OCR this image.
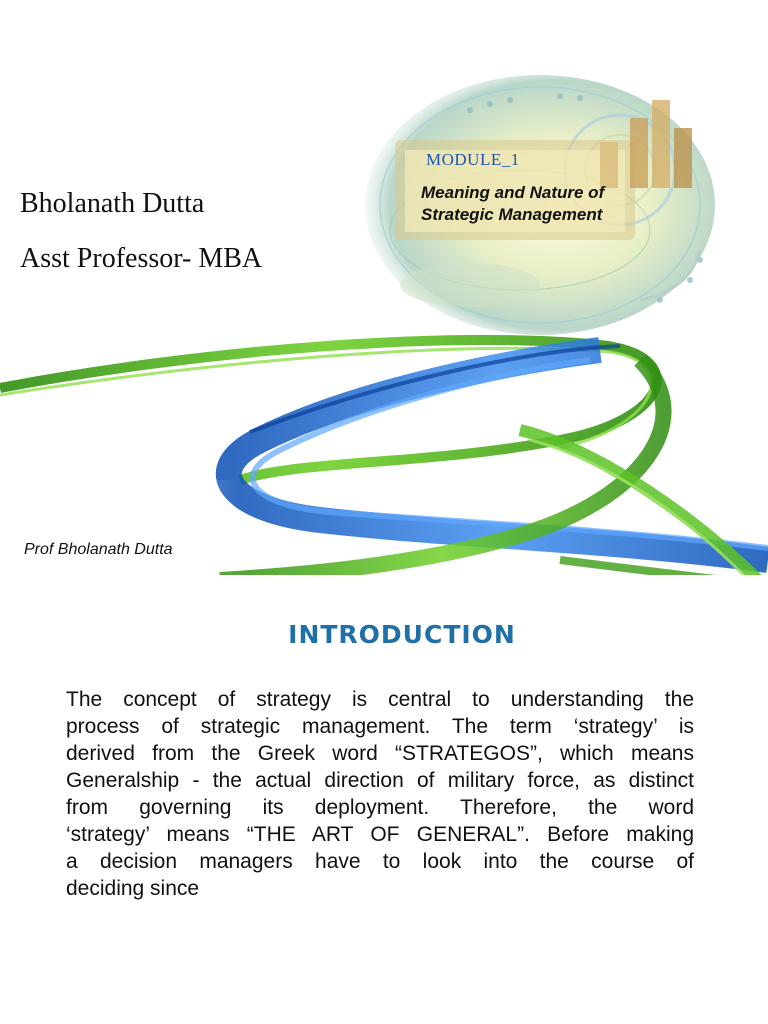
Bholanath Dutta
Asst Professor- MBA
MODULE_1
Meaning and Nature of
Strategic Management
Prof Bholanath Dutta
INTRODUCTION
The concept of strategy is central to understanding the
process of strategic management. The term ‘strategy’ is
derived from the Greek word “STRATEGOS”, which means
Generalship - the actual direction of military force, as distinct
from governing its deployment. Therefore, the word
‘strategy’ means “THE ART OF GENERAL”. Before making
a decision managers have to look into the course of
deciding since
